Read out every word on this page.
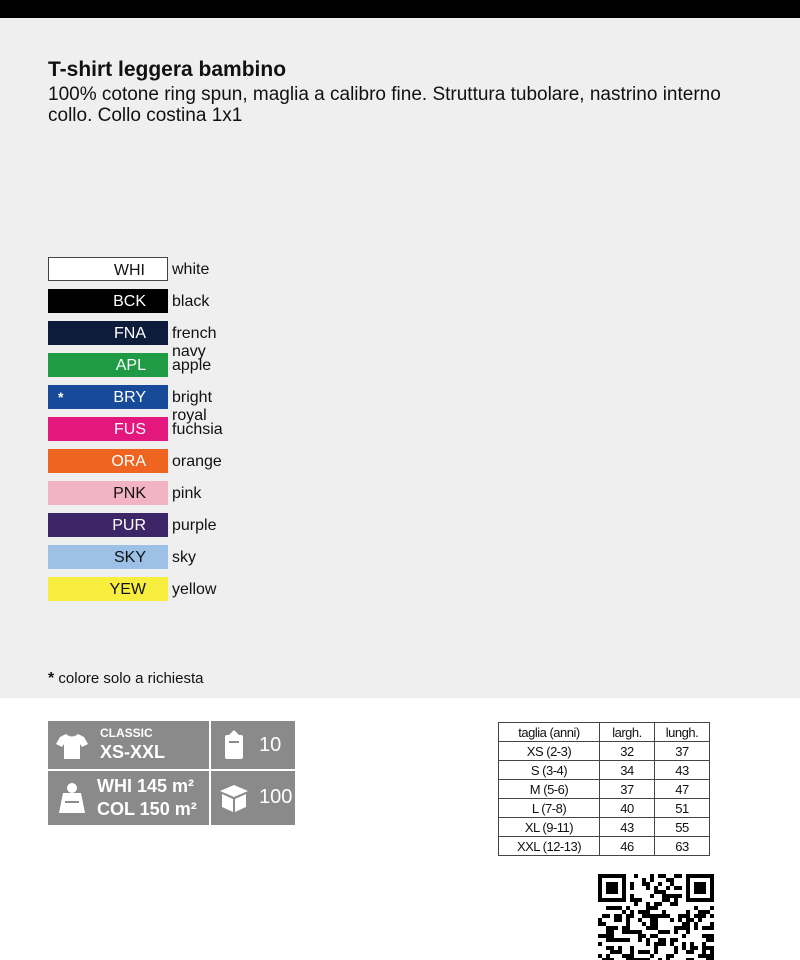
T-shirt leggera bambino

100% cotone ring spun, maglia a calibro fine. Struttura tubolare, nastrino interno collo. Collo costina 1x1

WHI white
BCK black
FNA french navy
APL apple
*	BRY bright royal
FUS fuchsia
ORA orange
PNK pink
PUR purple
SKY sky
YEW yellow
* colore solo a richiesta
CLASSIC
XS-XXL	10
WHI 145 m²
COL 150 m²
100
taglia (anni)	largh.	lungh.
XS (2-3)	32	37
S (3-4)	34	43
M (5-6)	37	47
L (7-8)	40	51
XL (9-11)	43	55
XXL (12-13)	46	63
